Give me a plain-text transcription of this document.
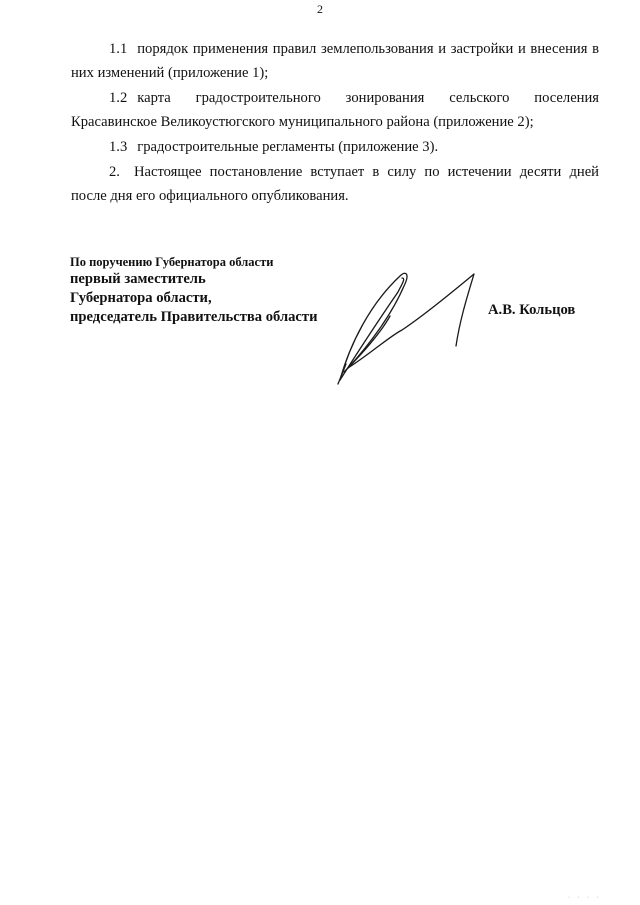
2

1.1 порядок применения правил землепользования и застройки и внесения в них изменений (приложение 1);

1.2 карта градостроительного зонирования сельского поселения Красавинское Великоустюгского муниципального района (приложение 2);

1.3 градостроительные регламенты (приложение 3).

2. Настоящее постановление вступает в силу по истечении десяти дней после дня его официального опубликования.

По поручению Губернатора области
первый заместитель
Губернатора области,
председатель Правительства области	А.В. Кольцов
· · · ·
